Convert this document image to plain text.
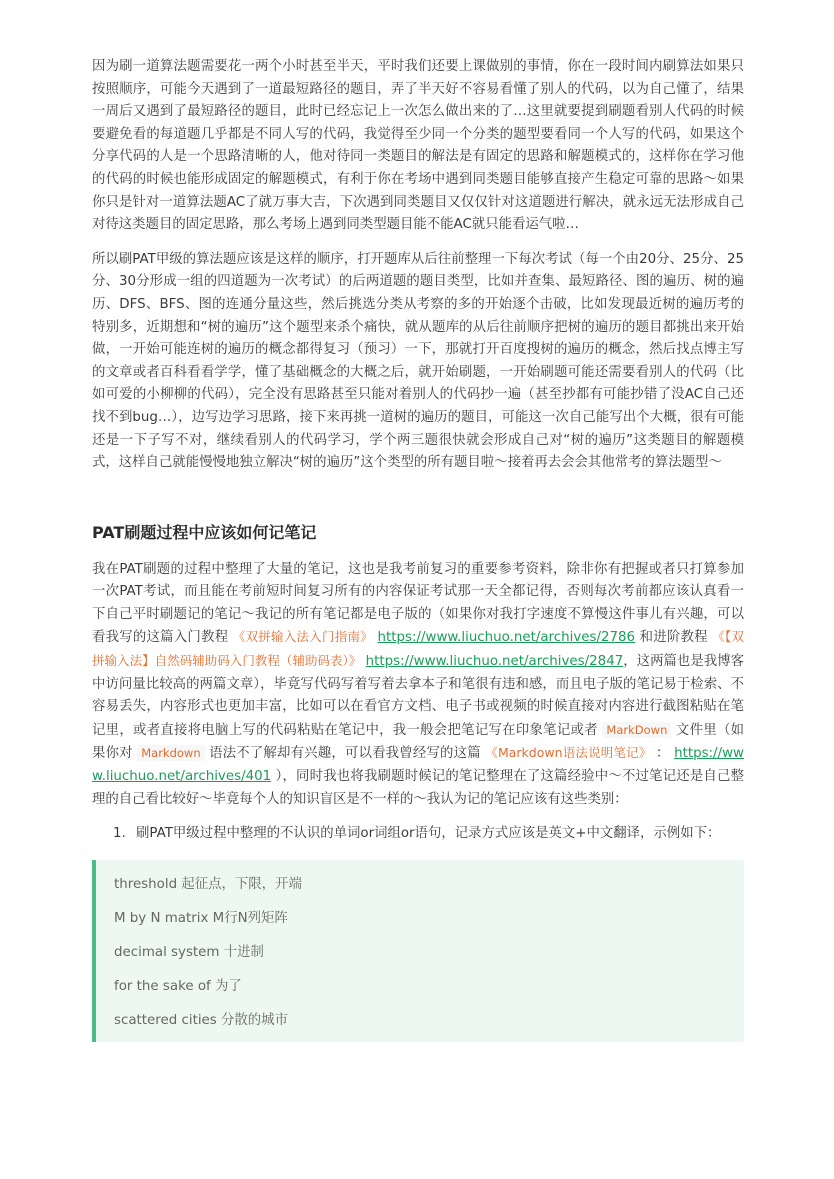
因为刷一道算法题需要花一两个小时甚至半天，平时我们还要上课做别的事情，你在一段时间内刷算法如果只按照顺序，可能今天遇到了一道最短路径的题目，弄了半天好不容易看懂了别人的代码，以为自己懂了，结果一周后又遇到了最短路径的题目，此时已经忘记上一次怎么做出来的了…这里就要提到刷题看别人代码的时候要避免看的每道题几乎都是不同人写的代码，我觉得至少同一个分类的题型要看同一个人写的代码，如果这个分享代码的人是一个思路清晰的人，他对待同一类题目的解法是有固定的思路和解题模式的，这样你在学习他的代码的时候也能形成固定的解题模式，有利于你在考场中遇到同类题目能够直接产生稳定可靠的思路～如果你只是针对一道算法题AC了就万事大吉，下次遇到同类题目又仅仅针对这道题进行解决，就永远无法形成自己对待这类题目的固定思路，那么考场上遇到同类型题目能不能AC就只能看运气啦…

所以刷PAT甲级的算法题应该是这样的顺序，打开题库从后往前整理一下每次考试（每一个由20分、25分、25分、30分形成一组的四道题为一次考试）的后两道题的题目类型，比如并查集、最短路径、图的遍历、树的遍历、DFS、BFS、图的连通分量这些，然后挑选分类从考察的多的开始逐个击破，比如发现最近树的遍历考的特别多，近期想和“树的遍历”这个题型来杀个痛快，就从题库的从后往前顺序把树的遍历的题目都挑出来开始做，一开始可能连树的遍历的概念都得复习（预习）一下，那就打开百度搜树的遍历的概念，然后找点博主写的文章或者百科看看学学，懂了基础概念的大概之后，就开始刷题，一开始刷题可能还需要看别人的代码（比如可爱的小柳柳的代码），完全没有思路甚至只能对着别人的代码抄一遍（甚至抄都有可能抄错了没AC自己还找不到bug…），边写边学习思路，接下来再挑一道树的遍历的题目，可能这一次自己能写出个大概，很有可能还是一下子写不对，继续看别人的代码学习，学个两三题很快就会形成自己对“树的遍历”这类题目的解题模式，这样自己就能慢慢地独立解决“树的遍历”这个类型的所有题目啦～接着再去会会其他常考的算法题型～

PAT刷题过程中应该如何记笔记

我在PAT刷题的过程中整理了大量的笔记，这也是我考前复习的重要参考资料，除非你有把握或者只打算参加一次PAT考试，而且能在考前短时间复习所有的内容保证考试那一天全都记得，否则每次考前都应该认真看一下自己平时刷题记的笔记～我记的所有笔记都是电子版的（如果你对我打字速度不算慢这件事儿有兴趣，可以看我写的这篇入门教程 《双拼输入法入门指南》 https://www.liuchuo.net/archives/2786 和进阶教程 《【双拼输入法】自然码辅助码入门教程（辅助码表）》 https://www.liuchuo.net/archives/2847，这两篇也是我博客中访问量比较高的两篇文章），毕竟写代码写着写着去拿本子和笔很有违和感，而且电子版的笔记易于检索、不容易丢失，内容形式也更加丰富，比如可以在看官方文档、电子书或视频的时候直接对内容进行截图粘贴在笔记里，或者直接将电脑上写的代码粘贴在笔记中，我一般会把笔记写在印象笔记或者 MarkDown 文件里（如果你对 Markdown 语法不了解却有兴趣，可以看我曾经写的这篇 《Markdown语法说明笔记》 ： https://www.liuchuo.net/archives/401 ），同时我也将我刷题时候记的笔记整理在了这篇经验中～不过笔记还是自己整理的自己看比较好～毕竟每个人的知识盲区是不一样的～我认为记的笔记应该有这些类别：

1. 刷PAT甲级过程中整理的不认识的单词or词组or语句，记录方式应该是英文+中文翻译，示例如下：
threshold 起征点，下限，开端
M by N matrix M行N列矩阵
decimal system 十进制
for the sake of 为了
scattered cities 分散的城市
